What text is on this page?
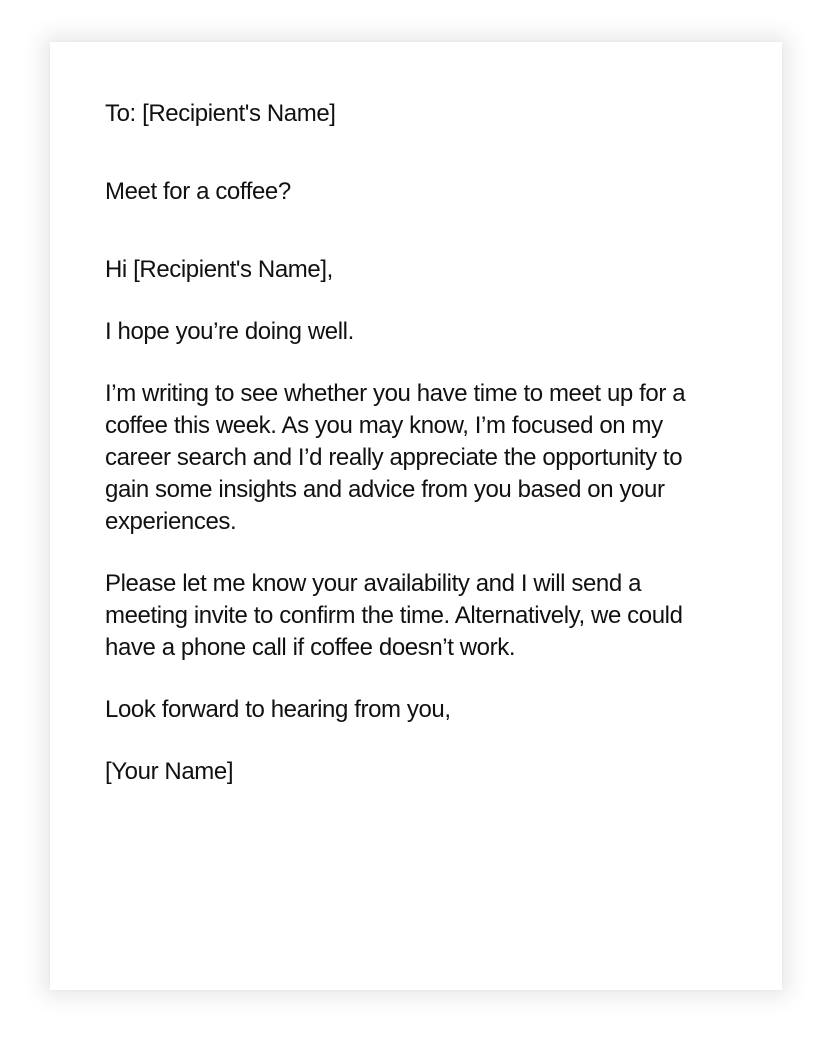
To: [Recipient's Name]

Meet for a coffee?

Hi [Recipient's Name],

I hope you’re doing well.

I’m writing to see whether you have time to meet up for a coffee this week. As you may know, I’m focused on my career search and I’d really appreciate the opportunity to gain some insights and advice from you based on your experiences.

Please let me know your availability and I will send a meeting invite to confirm the time. Alternatively, we could have a phone call if coffee doesn’t work.

Look forward to hearing from you,

[Your Name]
